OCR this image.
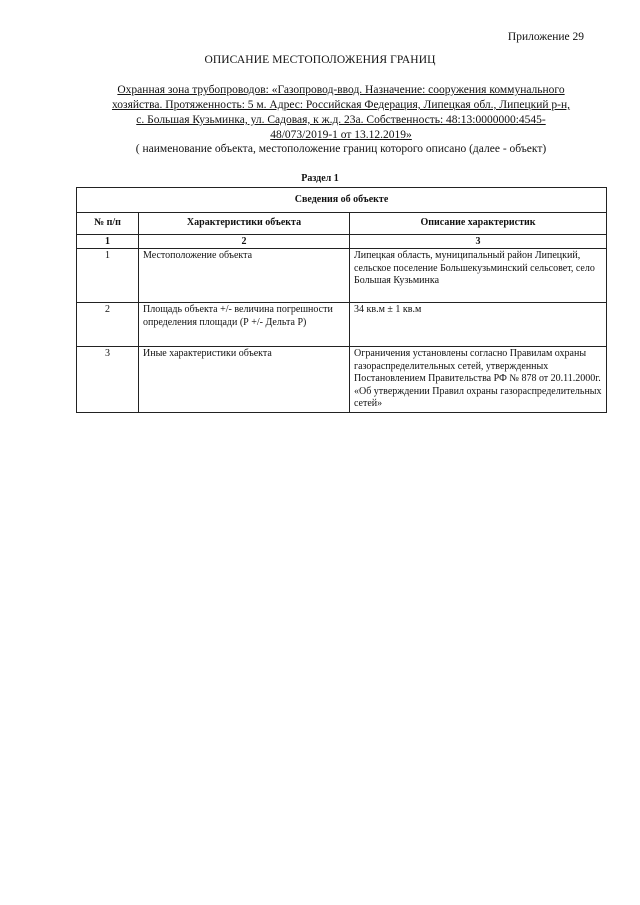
Приложение 29
ОПИСАНИЕ МЕСТОПОЛОЖЕНИЯ ГРАНИЦ
Охранная зона трубопроводов: «Газопровод-ввод. Назначение: сооружения коммунального
хозяйства. Протяженность: 5 м. Адрес: Российская Федерация, Липецкая обл., Липецкий р-н,
с. Большая Кузьминка, ул. Садовая, к ж.д. 23а. Собственность: 48:13:0000000:4545-
48/073/2019-1 от 13.12.2019»
( наименование объекта, местоположение границ которого описано (далее - объект)
Раздел 1
Сведения об объекте		
№ п/п	Характеристики объекта	Описание характеристик
1	2	3
1	Местоположение объекта	Липецкая область, муниципальный район Липецкий, сельское поселение Большекузьминский сельсовет, село Большая Кузьминка
2	Площадь объекта +/- величина погрешности определения площади (Р +/- Дельта Р)	34 кв.м ± 1 кв.м
3	Иные характеристики объекта	Ограничения установлены согласно Правилам охраны газораспределительных сетей, утвержденных Постановлением Правительства РФ № 878 от 20.11.2000г. «Об утверждении Правил охраны газораспределительных сетей»
